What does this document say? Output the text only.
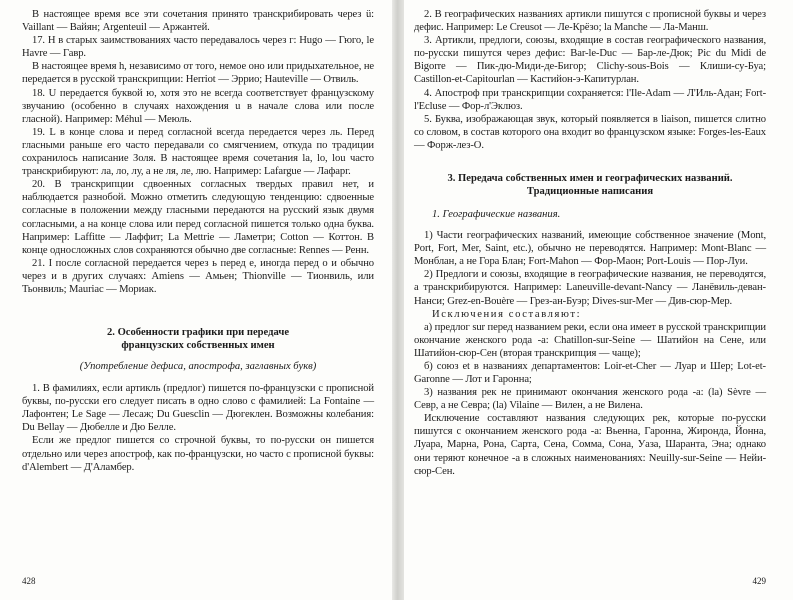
В настоящее время все эти сочетания принято транскрибировать через ü: Vaillant — Вайян; Argenteuil — Аржантей.

17. H в старых заимствованиях часто передавалось через г: Hugo — Гюго, le Havre — Гавр.

В настоящее время h, независимо от того, немое оно или придыхательное, не передается в русской транскрипции: Herriot — Эррио; Hauteville — Отвиль.

18. U передается буквой ю, хотя это не всегда соответствует французскому звучанию (особенно в случаях нахождения u в начале слова или после гласной). Например: Méhul — Меюль.

19. L в конце слова и перед согласной всегда передается через ль. Перед гласными раньше его часто передавали со смягчением, откуда по традиции сохранилось написание Золя. В настоящее время сочетания la, lo, lou часто транскрибируют: ла, ло, лу, а не ля, ле, лю. Например: Lafargue — Лафарг.

20. В транскрипции сдвоенных согласных твердых правил нет, и наблюдается разнобой. Можно отметить следующую тенденцию: сдвоенные согласные в положении между гласными передаются на русский язык двумя согласными, а на конце слова или перед согласной пишется только одна буква. Например: Laffitte — Лаффит; La Mettrie — Ламетри; Cotton — Коттон. В конце односложных слов сохраняются обычно две согласные: Rennes — Ренн.

21. I после согласной передается через ь перед е, иногда перед о и обычно через и в других случаях: Amiens — Амьен; Thionville — Тионвиль, или Тьонвиль; Mauriac — Мориак.

2. Особенности графики при передаче
французских собственных имен
(Употребление дефиса, апострофа, заглавных букв)

1. В фамилиях, если артикль (предлог) пишется по-французски с прописной буквы, по-русски его следует писать в одно слово с фамилией: La Fontaine — Лафонтен; Le Sage — Лесаж; Du Guesclin — Дюгеклен. Возможны колебания: Du Bellay — Дюбелле и Дю Белле.

Если же предлог пишется со строчной буквы, то по-русски он пишется отдельно или через апостроф, как по-французски, но часто с прописной буквы: d'Alembert — Д'Аламбер.

428

2. В географических названиях артикли пишутся с прописной буквы и через дефис. Например: Le Creusot — Ле-Крёзо; la Manche — Ла-Манш.

3. Артикли, предлоги, союзы, входящие в состав географического названия, по-русски пишутся через дефис: Bar-le-Duc — Бар-ле-Дюк; Pic du Midi de Bigorre — Пик-дю-Миди-де-Бигор; Clichy-sous-Bois — Клиши-су-Буа; Castillon-et-Capitourlan — Кастийон-э-Капитурлан.

4. Апостроф при транскрипции сохраняется: l'Ile-Adam — Л'Иль-Адан; Fort-l'Ecluse — Фор-л'Эклюз.

5. Буква, изображающая звук, который появляется в liaison, пишется слитно со словом, в состав которого она входит во французском языке: Forges-les-Eaux — Форж-лез-О.

3. Передача собственных имен и географических названий.
Традиционные написания
1. Географические названия.

1) Части географических названий, имеющие собственное значение (Mont, Port, Fort, Mer, Saint, etc.), обычно не переводятся. Например: Mont-Blanc — Монблан, а не Гора Блан; Fort-Mahon — Фор-Маон; Port-Louis — Пор-Луи.

2) Предлоги и союзы, входящие в географические названия, не переводятся, а транскрибируются. Например: Laneuville-devant-Nancy — Ланёвиль-деван-Нанси; Grez-en-Bouère — Грез-ан-Буэр; Dives-sur-Mer — Див-сюр-Мер.

Исключения составляют:

а) предлог sur перед названием реки, если она имеет в русской транскрипции окончание женского рода -а: Chatillon-sur-Seine — Шатийон на Сене, или Шатийон-сюр-Сен (вторая транскрипция — чаще);

б) союз et в названиях департаментов: Loir-et-Cher — Луар и Шер; Lot-et-Garonne — Лот и Гаронна;

3) названия рек не принимают окончания женского рода -а: (la) Sèvre — Севр, а не Севра; (la) Vilaine — Вилен, а не Вилена.

Исключение составляют названия следующих рек, которые по-русски пишутся с окончанием женского рода -а: Вьенна, Гаронна, Жиронда, Йонна, Луара, Марна, Рона, Сарта, Сена, Сомма, Сона, Уаза, Шаранта, Эна; однако они теряют конечное -а в сложных наименованиях: Neuilly-sur-Seine — Нейи-сюр-Сен.

429
